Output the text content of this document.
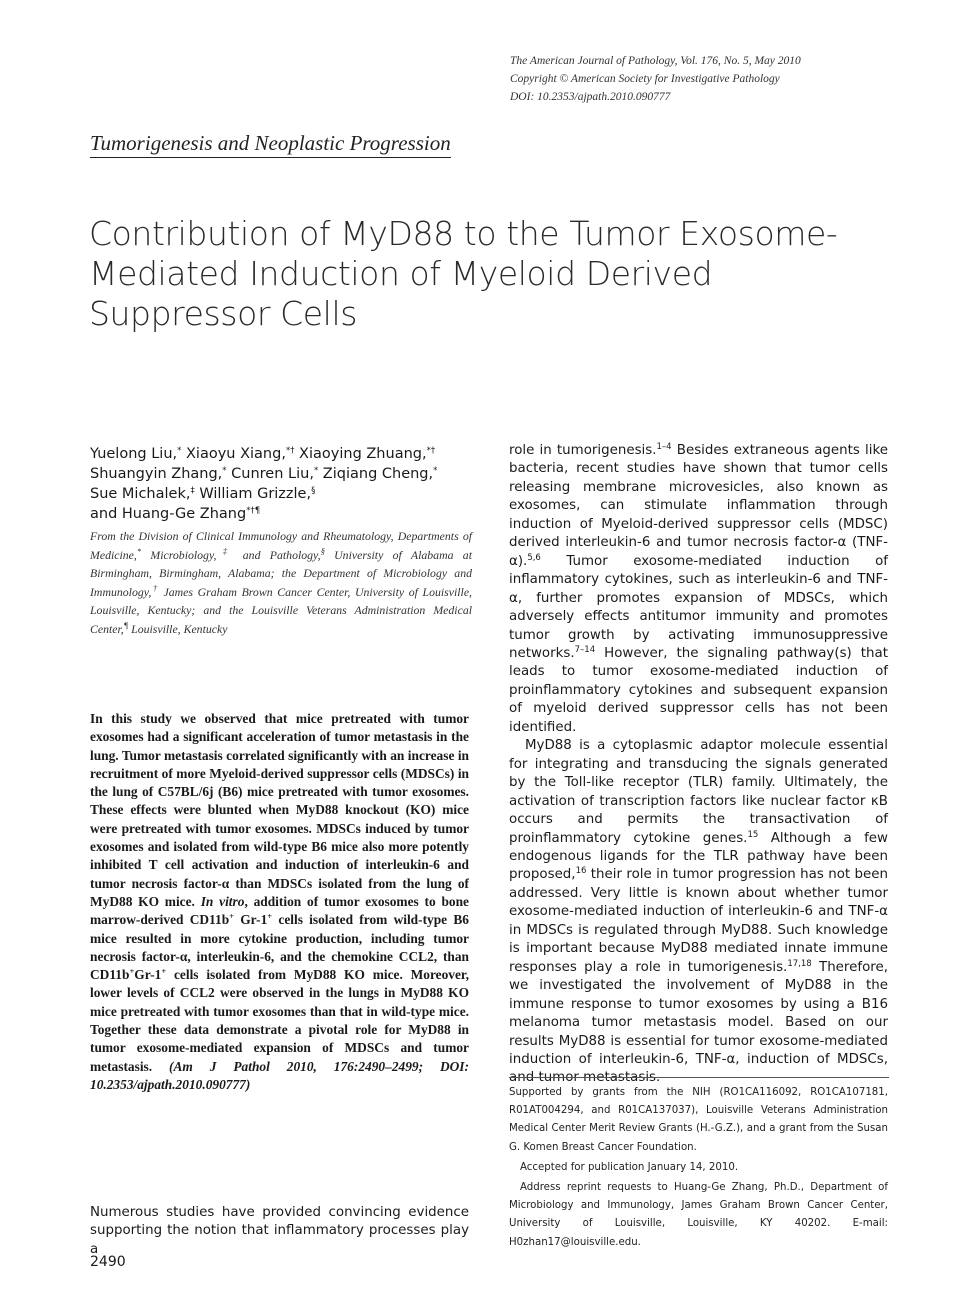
The American Journal of Pathology, Vol. 176, No. 5, May 2010
Copyright © American Society for Investigative Pathology
DOI: 10.2353/ajpath.2010.090777
Tumorigenesis and Neoplastic Progression
Contribution of MyD88 to the Tumor Exosome-Mediated Induction of Myeloid Derived Suppressor Cells
Yuelong Liu,* Xiaoyu Xiang,*† Xiaoying Zhuang,*†
Shuangyin Zhang,* Cunren Liu,* Ziqiang Cheng,*
Sue Michalek,‡ William Grizzle,§
and Huang-Ge Zhang*†¶
From the Division of Clinical Immunology and Rheumatology, Departments of Medicine,* Microbiology,‡ and Pathology,§ University of Alabama at Birmingham, Birmingham, Alabama; the Department of Microbiology and Immunology,† James Graham Brown Cancer Center, University of Louisville, Louisville, Kentucky; and the Louisville Veterans Administration Medical Center,¶ Louisville, Kentucky
In this study we observed that mice pretreated with tumor exosomes had a significant acceleration of tumor metastasis in the lung. Tumor metastasis correlated significantly with an increase in recruitment of more Myeloid-derived suppressor cells (MDSCs) in the lung of C57BL/6j (B6) mice pretreated with tumor exosomes. These effects were blunted when MyD88 knockout (KO) mice were pretreated with tumor exosomes. MDSCs induced by tumor exosomes and isolated from wild-type B6 mice also more potently inhibited T cell activation and induction of interleukin-6 and tumor necrosis factor-α than MDSCs isolated from the lung of MyD88 KO mice. In vitro, addition of tumor exosomes to bone marrow-derived CD11b+ Gr-1+ cells isolated from wild-type B6 mice resulted in more cytokine production, including tumor necrosis factor-α, interleukin-6, and the chemokine CCL2, than CD11b+Gr-1+ cells isolated from MyD88 KO mice. Moreover, lower levels of CCL2 were observed in the lungs in MyD88 KO mice pretreated with tumor exosomes than that in wild-type mice. Together these data demonstrate a pivotal role for MyD88 in tumor exosome-mediated expansion of MDSCs and tumor metastasis. (Am J Pathol 2010, 176:2490–2499; DOI: 10.2353/ajpath.2010.090777)
Numerous studies have provided convincing evidence supporting the notion that inflammatory processes play a

role in tumorigenesis.$^{1-4}$ Besides extraneous agents like bacteria, recent studies have shown that tumor cells releasing membrane microvesicles, also known as exosomes, can stimulate inflammation through induction of Myeloid-derived suppressor cells (MDSC) derived interleukin-6 and tumor necrosis factor-α (TNF-α).$^{5,6}$ Tumor exosome-mediated induction of inflammatory cytokines, such as interleukin-6 and TNF-α, further promotes expansion of MDSCs, which adversely effects antitumor immunity and promotes tumor growth by activating immunosuppressive networks.$^{7-14}$ However, the signaling pathway(s) that leads to tumor exosome-mediated induction of proinflammatory cytokines and subsequent expansion of myeloid derived suppressor cells has not been identified.

MyD88 is a cytoplasmic adaptor molecule essential for integrating and transducing the signals generated by the Toll-like receptor (TLR) family. Ultimately, the activation of transcription factors like nuclear factor κB occurs and permits the transactivation of proinflammatory cytokine genes.$^{15}$ Although a few endogenous ligands for the TLR pathway have been proposed,$^{16}$ their role in tumor progression has not been addressed. Very little is known about whether tumor exosome-mediated induction of interleukin-6 and TNF-α in MDSCs is regulated through MyD88. Such knowledge is important because MyD88 mediated innate immune responses play a role in tumorigenesis.$^{17,18}$ Therefore, we investigated the involvement of MyD88 in the immune response to tumor exosomes by using a B16 melanoma tumor metastasis model. Based on our results MyD88 is essential for tumor exosome-mediated induction of interleukin-6, TNF-α, induction of MDSCs, and tumor metastasis.

Supported by grants from the NIH (RO1CA116092, RO1CA107181, R01AT004294, and R01CA137037), Louisville Veterans Administration Medical Center Merit Review Grants (H.-G.Z.), and a grant from the Susan G. Komen Breast Cancer Foundation.

Accepted for publication January 14, 2010.

Address reprint requests to Huang-Ge Zhang, Ph.D., Department of Microbiology and Immunology, James Graham Brown Cancer Center, University of Louisville, Louisville, KY 40202. E-mail: H0zhan17@louisville.edu.

2490
